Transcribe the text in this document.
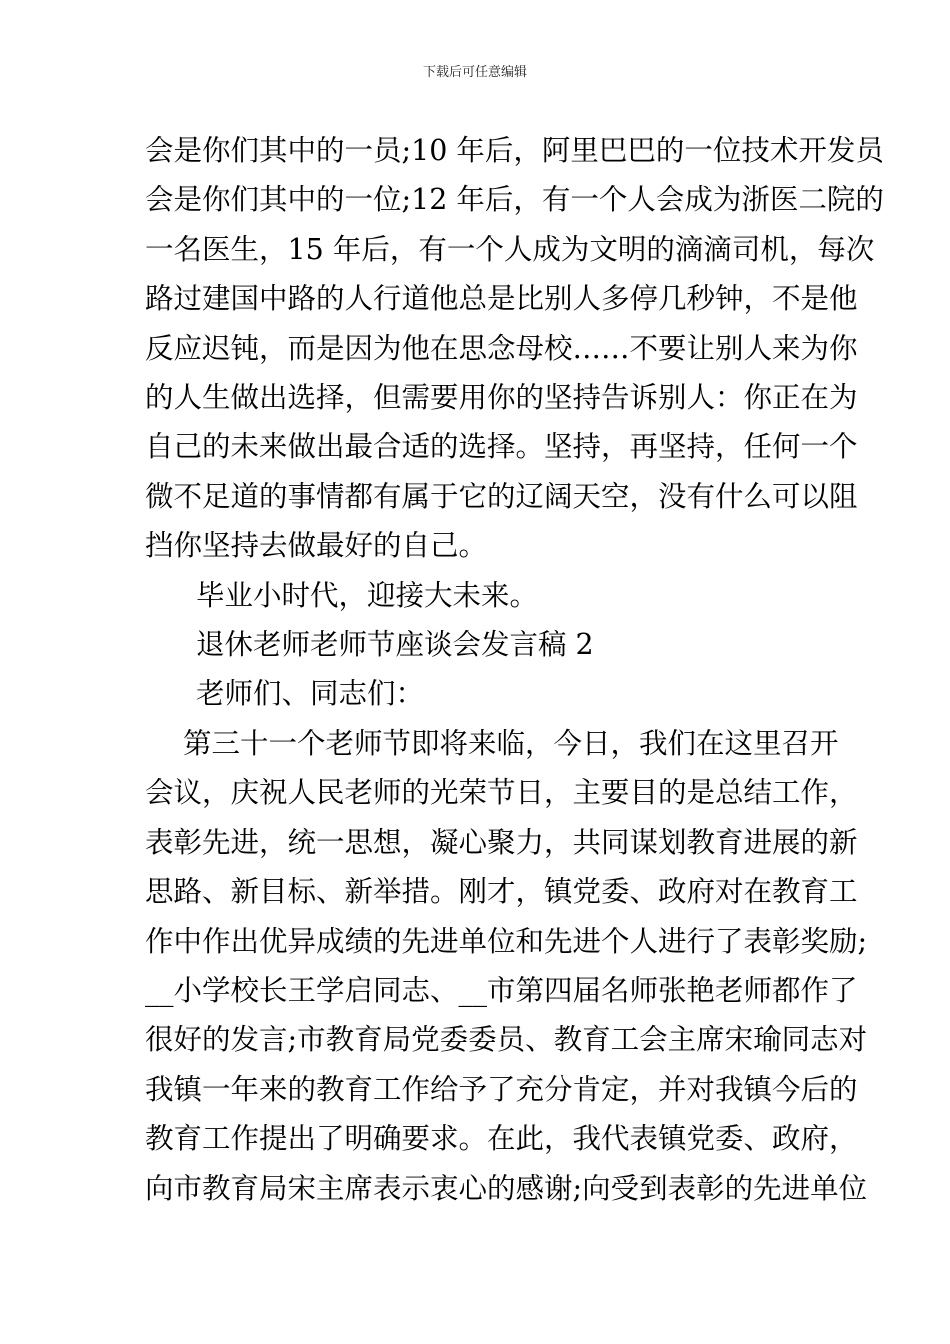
下载后可任意编辑

会是你们其中的一员;10 年后，阿里巴巴的一位技术开发员

会是你们其中的一位;12 年后，有一个人会成为浙医二院的

一名医生，15 年后，有一个人成为文明的滴滴司机，每次

路过建国中路的人行道他总是比别人多停几秒钟，不是他

反应迟钝，而是因为他在思念母校……不要让别人来为你

的人生做出选择，但需要用你的坚持告诉别人：你正在为

自己的未来做出最合适的选择。坚持，再坚持，任何一个

微不足道的事情都有属于它的辽阔天空，没有什么可以阻

挡你坚持去做最好的自己。

毕业小时代，迎接大未来。

退休老师老师节座谈会发言稿 2

老师们、同志们：

第三十一个老师节即将来临，今日，我们在这里召开

会议，庆祝人民老师的光荣节日，主要目的是总结工作，

表彰先进，统一思想，凝心聚力，共同谋划教育进展的新

思路、新目标、新举措。刚才，镇党委、政府对在教育工

作中作出优异成绩的先进单位和先进个人进行了表彰奖励;

__小学校长王学启同志、__市第四届名师张艳老师都作了

很好的发言;市教育局党委委员、教育工会主席宋瑜同志对

我镇一年来的教育工作给予了充分肯定，并对我镇今后的

教育工作提出了明确要求。在此，我代表镇党委、政府，

向市教育局宋主席表示衷心的感谢;向受到表彰的先进单位
